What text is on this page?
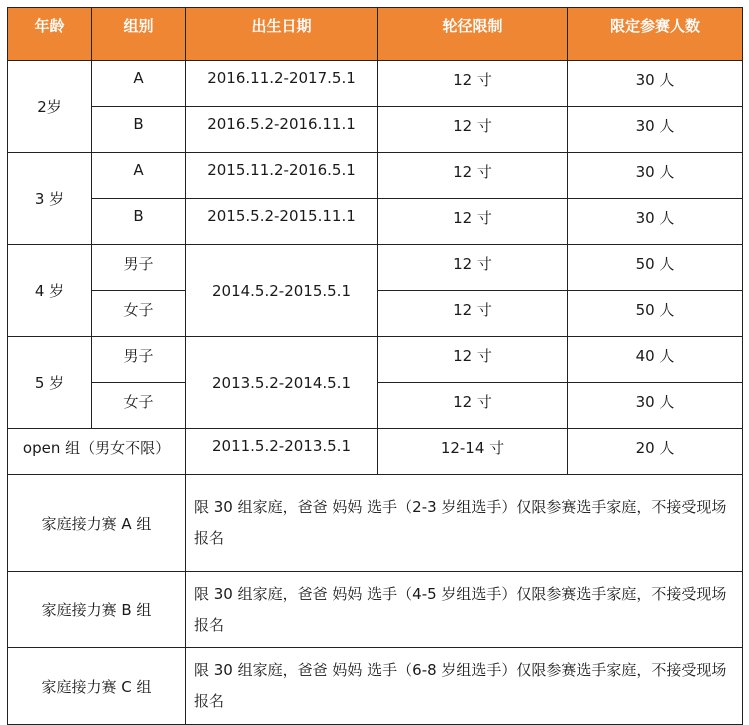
年龄	组别	出生日期	轮径限制	限定参赛人数
2岁	A	2016.11.2-2017.5.1	12 寸	30 人
	B	2016.5.2-2016.11.1	12 寸	30 人
3 岁	A	2015.11.2-2016.5.1	12 寸	30 人
	B	2015.5.2-2015.11.1	12 寸	30 人
4 岁	男子	2014.5.2-2015.5.1	12 寸	50 人
	女子		12 寸	50 人
5 岁	男子	2013.5.2-2014.5.1	12 寸	40 人
	女子		12 寸	30 人
open 组（男女不限）		2011.5.2-2013.5.1	12-14 寸	20 人
家庭接力赛 A 组		限 30 组家庭，爸爸 妈妈 选手（2-3 岁组选手）仅限参赛选手家庭，不接受现场报名		
家庭接力赛 B 组		限 30 组家庭，爸爸 妈妈 选手（4-5 岁组选手）仅限参赛选手家庭，不接受现场报名		
家庭接力赛 C 组		限 30 组家庭，爸爸 妈妈 选手（6-8 岁组选手）仅限参赛选手家庭，不接受现场报名		
